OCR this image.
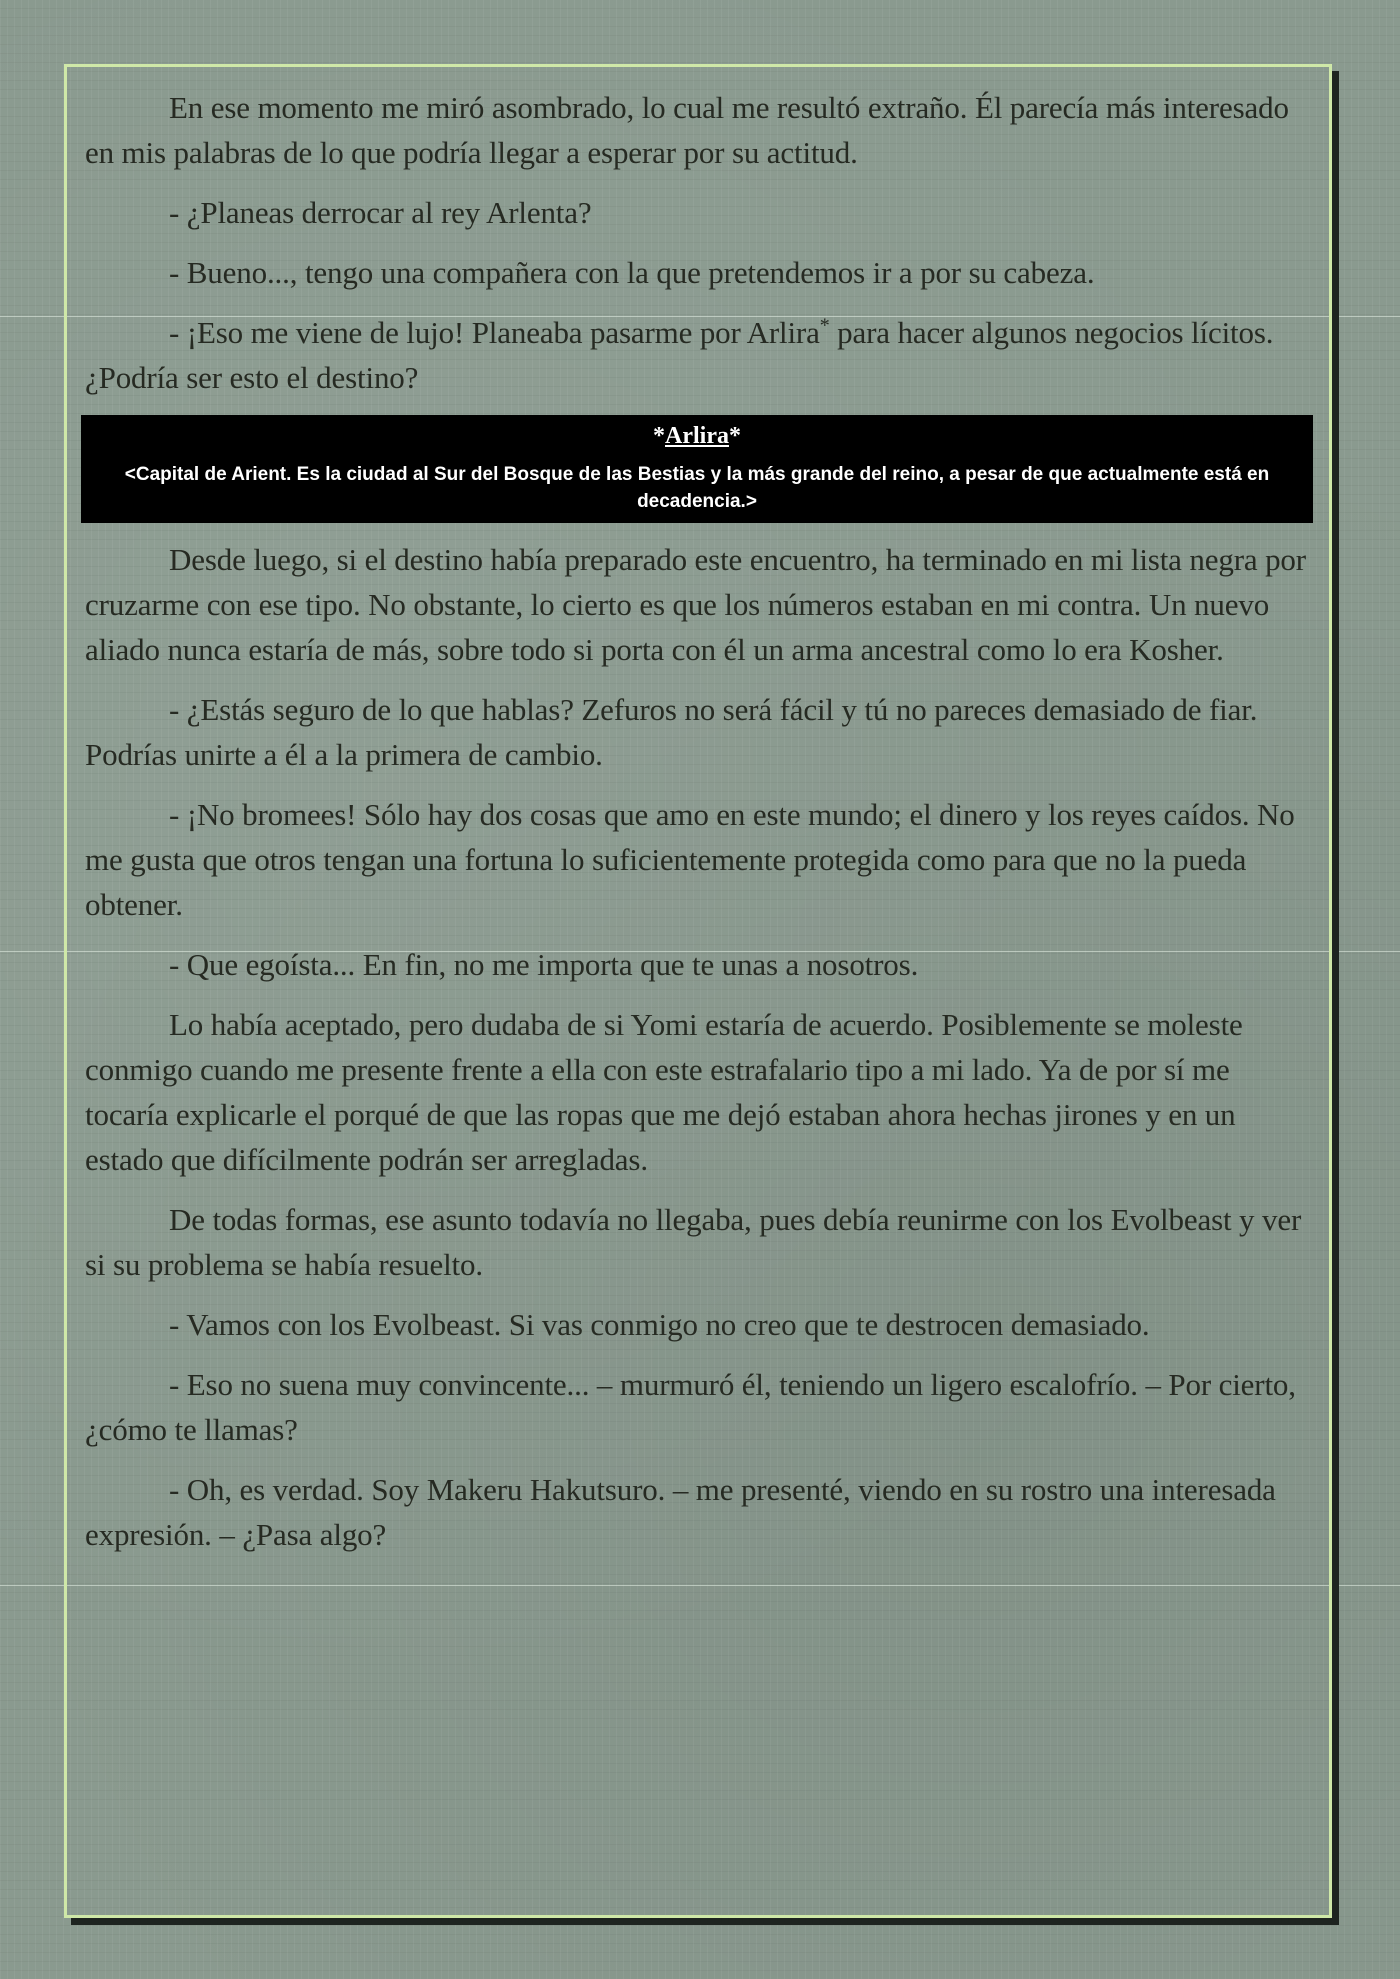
En ese momento me miró asombrado, lo cual me resultó extraño. Él parecía más interesado en mis palabras de lo que podría llegar a esperar por su actitud.

- ¿Planeas derrocar al rey Arlenta?

- Bueno..., tengo una compañera con la que pretendemos ir a por su cabeza.

- ¡Eso me viene de lujo! Planeaba pasarme por Arlira* para hacer algunos negocios lícitos. ¿Podría ser esto el destino?

*Arlira*
<Capital de Arient. Es la ciudad al Sur del Bosque de las Bestias y la más grande del reino, a pesar de que actualmente está en decadencia.>

Desde luego, si el destino había preparado este encuentro, ha terminado en mi lista negra por cruzarme con ese tipo. No obstante, lo cierto es que los números estaban en mi contra. Un nuevo aliado nunca estaría de más, sobre todo si porta con él un arma ancestral como lo era Kosher.

- ¿Estás seguro de lo que hablas? Zefuros no será fácil y tú no pareces demasiado de fiar. Podrías unirte a él a la primera de cambio.

- ¡No bromees! Sólo hay dos cosas que amo en este mundo; el dinero y los reyes caídos. No me gusta que otros tengan una fortuna lo suficientemente protegida como para que no la pueda obtener.

- Que egoísta... En fin, no me importa que te unas a nosotros.

Lo había aceptado, pero dudaba de si Yomi estaría de acuerdo. Posiblemente se moleste conmigo cuando me presente frente a ella con este estrafalario tipo a mi lado. Ya de por sí me tocaría explicarle el porqué de que las ropas que me dejó estaban ahora hechas jirones y en un estado que difícilmente podrán ser arregladas.

De todas formas, ese asunto todavía no llegaba, pues debía reunirme con los Evolbeast y ver si su problema se había resuelto.

- Vamos con los Evolbeast. Si vas conmigo no creo que te destrocen demasiado.

- Eso no suena muy convincente... – murmuró él, teniendo un ligero escalofrío. – Por cierto, ¿cómo te llamas?

- Oh, es verdad. Soy Makeru Hakutsuro. – me presenté, viendo en su rostro una interesada expresión. – ¿Pasa algo?
